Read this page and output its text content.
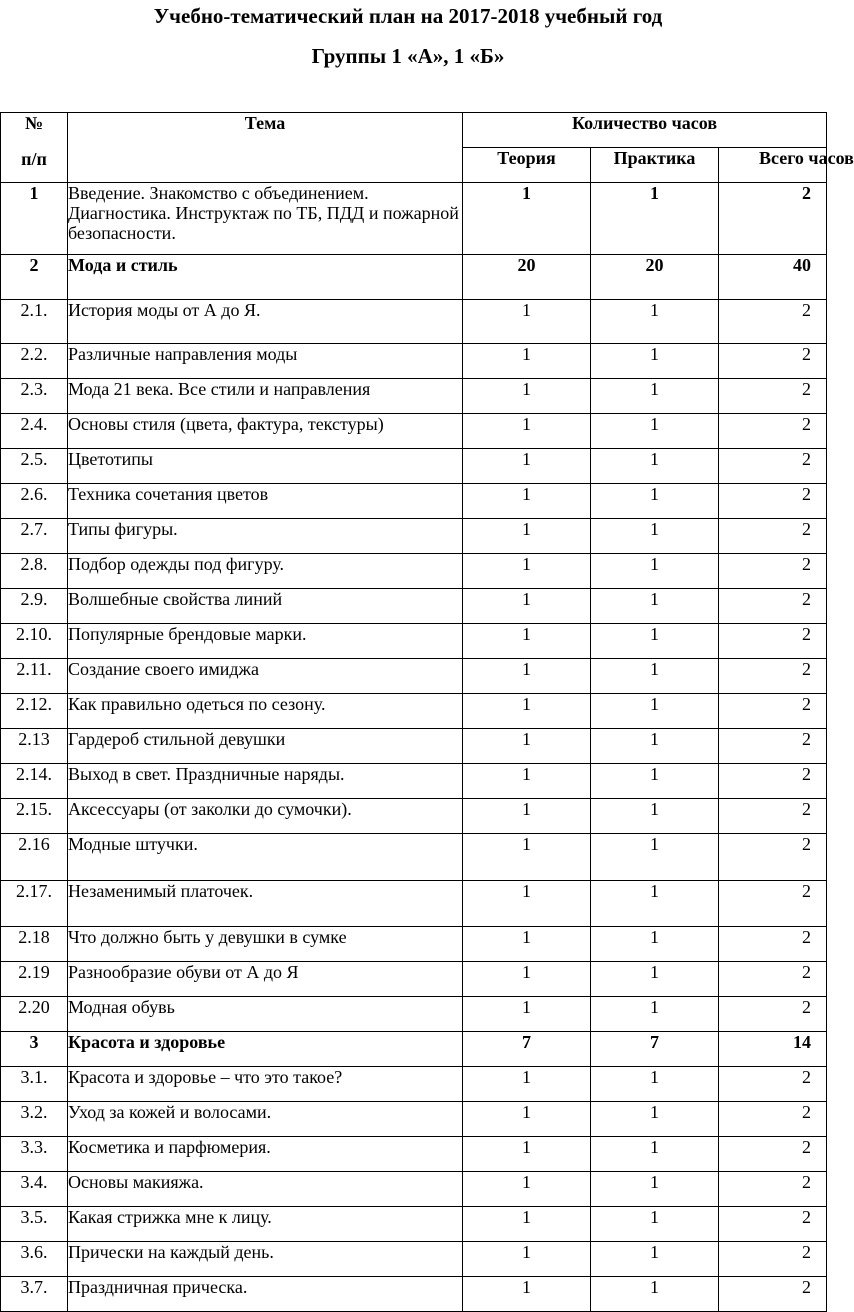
Учебно-тематический план на 2017-2018 учебный год
Группы 1 «А», 1 «Б»
№
п/п	Тема	Количество часов		
		Теория	Практика	Всего часов
1	Введение. Знакомство с объединением. Диагностика. Инструктаж по ТБ, ПДД и пожарной безопасности.	1	1	2
2	Мода и стиль	20	20	40
2.1.	История моды от А до Я.	1	1	2
2.2.	Различные направления моды	1	1	2
2.3.	Мода 21 века. Все стили и направления	1	1	2
2.4.	Основы стиля (цвета, фактура, текстуры)	1	1	2
2.5.	Цветотипы	1	1	2
2.6.	Техника сочетания цветов	1	1	2
2.7.	Типы фигуры.	1	1	2
2.8.	Подбор одежды под фигуру.	1	1	2
2.9.	Волшебные свойства линий	1	1	2
2.10.	Популярные брендовые марки.	1	1	2
2.11.	Создание своего имиджа	1	1	2
2.12.	Как правильно одеться по сезону.	1	1	2
2.13	Гардероб стильной девушки	1	1	2
2.14.	Выход в свет. Праздничные наряды.	1	1	2
2.15.	Аксессуары (от заколки до сумочки).	1	1	2
2.16	Модные штучки.	1	1	2
2.17.	Незаменимый платочек.	1	1	2
2.18	Что должно быть у девушки в сумке	1	1	2
2.19	Разнообразие обуви от А до Я	1	1	2
2.20	Модная обувь	1	1	2
3	Красота и здоровье	7	7	14
3.1.	Красота и здоровье – что это такое?	1	1	2
3.2.	Уход за кожей и волосами.	1	1	2
3.3.	Косметика и парфюмерия.	1	1	2
3.4.	Основы макияжа.	1	1	2
3.5.	Какая стрижка мне к лицу.	1	1	2
3.6.	Прически на каждый день.	1	1	2
3.7.	Праздничная прическа.	1	1	2
